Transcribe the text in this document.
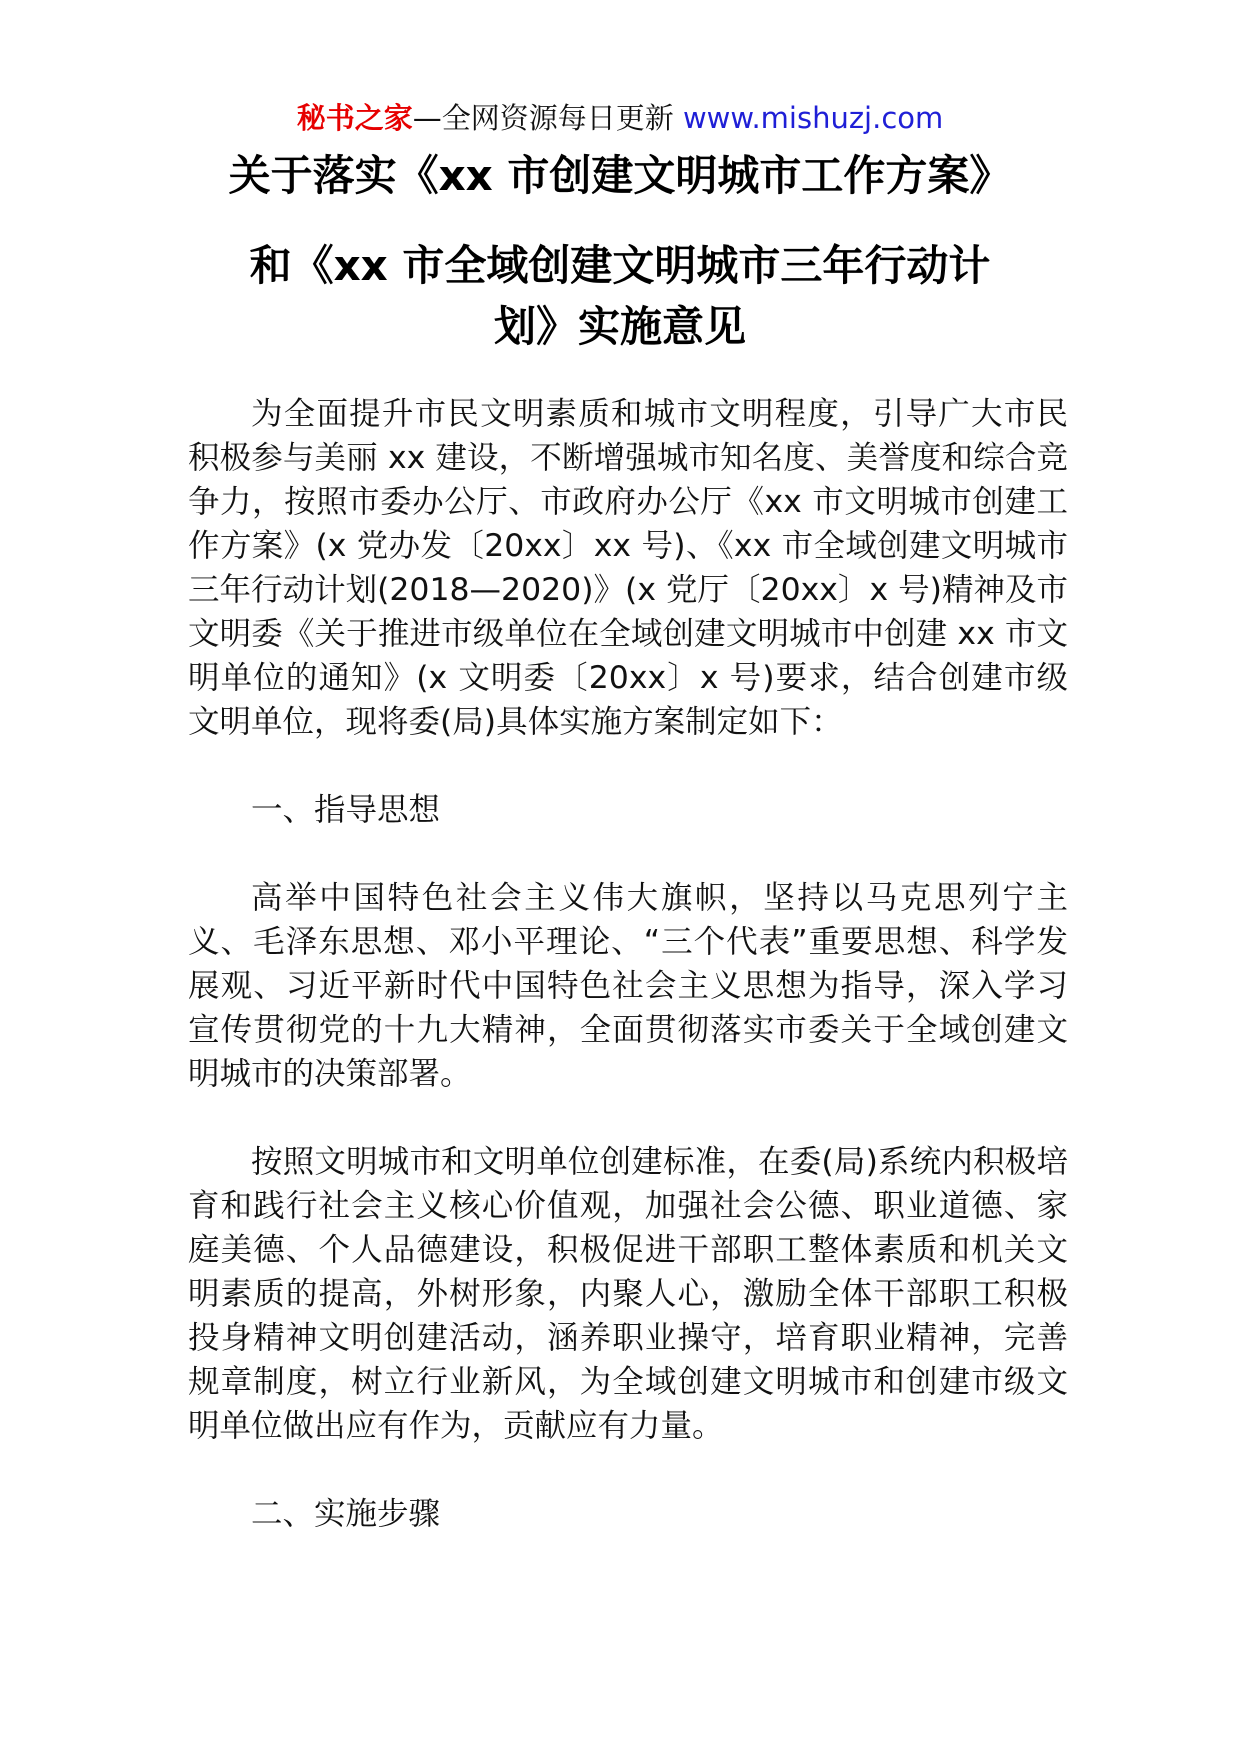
秘书之家—全网资源每日更新 www.mishuzj.com
关于落实《xx 市创建文明城市工作方案》
和《xx 市全域创建文明城市三年行动计
划》实施意见

为全面提升市民文明素质和城市文明程度，引导广大市民积极参与美丽 xx 建设，不断增强城市知名度、美誉度和综合竞争力，按照市委办公厅、市政府办公厅《xx 市文明城市创建工作方案》(x 党办发〔20xx〕xx 号)、《xx 市全域创建文明城市三年行动计划(2018—2020)》(x 党厅〔20xx〕x 号)精神及市文明委《关于推进市级单位在全域创建文明城市中创建 xx 市文明单位的通知》(x 文明委〔20xx〕x 号)要求，结合创建市级文明单位，现将委(局)具体实施方案制定如下：

一、指导思想

高举中国特色社会主义伟大旗帜，坚持以马克思列宁主义、毛泽东思想、邓小平理论、“三个代表”重要思想、科学发展观、习近平新时代中国特色社会主义思想为指导，深入学习宣传贯彻党的十九大精神，全面贯彻落实市委关于全域创建文明城市的决策部署。

按照文明城市和文明单位创建标准，在委(局)系统内积极培育和践行社会主义核心价值观，加强社会公德、职业道德、家庭美德、个人品德建设，积极促进干部职工整体素质和机关文明素质的提高，外树形象，内聚人心，激励全体干部职工积极投身精神文明创建活动，涵养职业操守，培育职业精神，完善规章制度，树立行业新风，为全域创建文明城市和创建市级文明单位做出应有作为，贡献应有力量。

二、实施步骤
